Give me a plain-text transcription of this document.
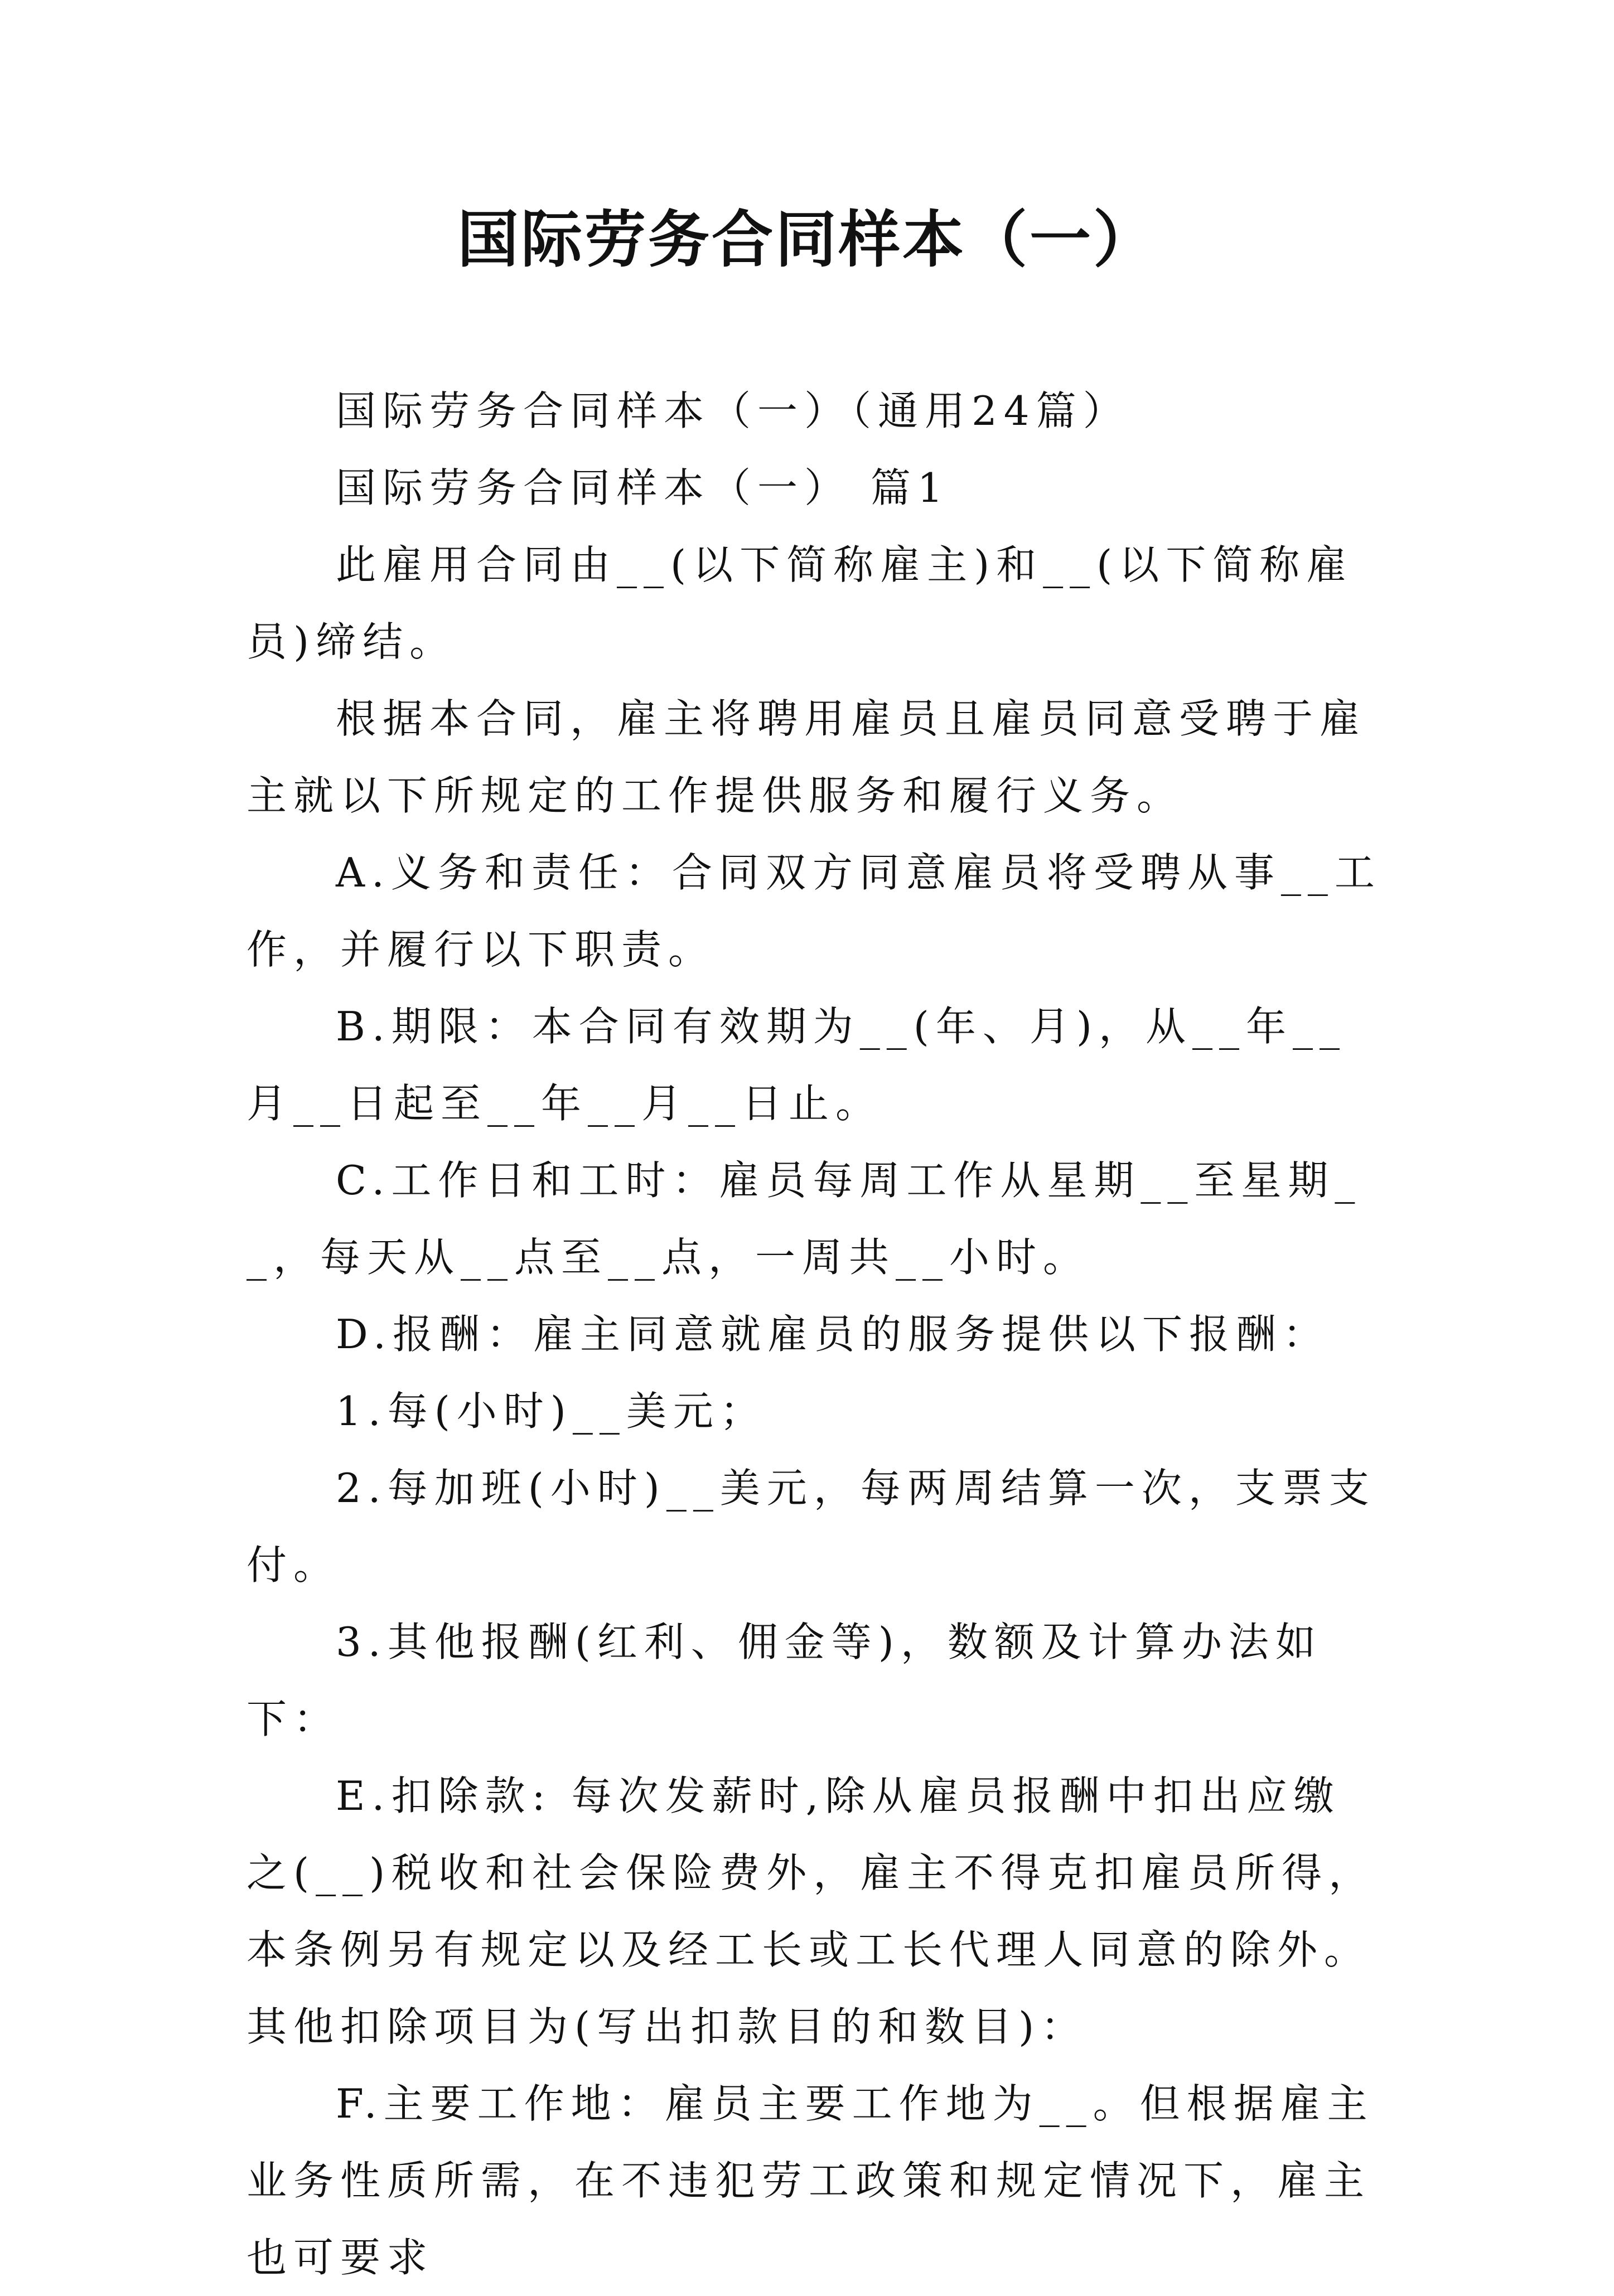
国际劳务合同样本（一）

国际劳务合同样本（一）（通用24篇）

国际劳务合同样本（一） 篇1

此雇用合同由__(以下简称雇主)和__(以下简称雇员)缔结。

根据本合同，雇主将聘用雇员且雇员同意受聘于雇主就以下所规定的工作提供服务和履行义务。

A.义务和责任：合同双方同意雇员将受聘从事__工作，并履行以下职责。

B.期限：本合同有效期为__(年、月)，从__年__月__日起至__年__月__日止。

C.工作日和工时：雇员每周工作从星期__至星期__，每天从__点至__点，一周共__小时。

D.报酬：雇主同意就雇员的服务提供以下报酬：

1.每(小时)__美元；

2.每加班(小时)__美元，每两周结算一次，支票支付。

3.其他报酬(红利、佣金等)，数额及计算办法如下：

E.扣除款: 每次发薪时,除从雇员报酬中扣出应缴之(__)税收和社会保险费外，雇主不得克扣雇员所得，本条例另有规定以及经工长或工长代理人同意的除外。其他扣除项目为(写出扣款目的和数目)：

F.主要工作地：雇员主要工作地为__。但根据雇主业务性质所需，在不违犯劳工政策和规定情况下，雇主也可要求
